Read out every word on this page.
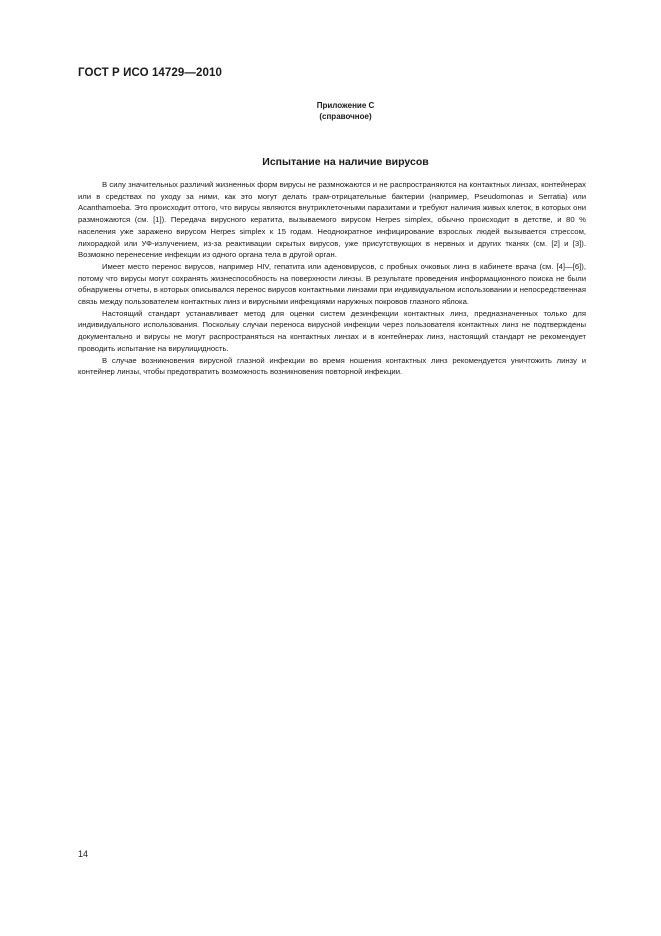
ГОСТ Р ИСО 14729—2010
Приложение С
(справочное)
Испытание на наличие вирусов

В силу значительных различий жизненных форм вирусы не размножаются и не распространяются на контактных линзах, контейнерах или в средствах по уходу за ними, как это могут делать грам-отрицательные бактерии (например, Pseudomonas и Serratia) или Acanthamoeba. Это происходит оттого, что вирусы являются внутриклеточными паразитами и требуют наличия живых клеток, в которых они размножаются (см. [1]). Передача вирусного кератита, вызываемого вирусом Herpes simplex, обычно происходит в детстве, и 80 % населения уже заражено вирусом Herpes simplex к 15 годам. Неоднократное инфицирование взрослых людей вызывается стрессом, лихорадкой или УФ-излучением, из-за реактивации скрытых вирусов, уже присутствующих в нервных и других тканях (см. [2] и [3]). Возможно перенесение инфекции из одного органа тела в другой орган.

Имеет место перенос вирусов, например HIV, гепатита или аденовирусов, с пробных очковых линз в кабинете врача (см. [4]—[6]), потому что вирусы могут сохранять жизнеспособность на поверхности линзы. В результате проведения информационного поиска не были обнаружены отчеты, в которых описывался перенос вирусов контактными линзами при индивидуальном использовании и непосредственная связь между пользователем контактных линз и вирусными инфекциями наружных покровов глазного яблока.

Настоящий стандарт устанавливает метод для оценки систем дезинфекции контактных линз, предназначенных только для индивидуального использования. Поскольку случаи переноса вирусной инфекции через пользователя контактных линз не подтверждены документально и вирусы не могут распространяться на контактных линзах и в контейнерах линз, настоящий стандарт не рекомендует проводить испытание на вирулицидность.

В случае возникновения вирусной глазной инфекции во время ношения контактных линз рекомендуется уничтожить линзу и контейнер линзы, чтобы предотвратить возможность возникновения повторной инфекции.

14
